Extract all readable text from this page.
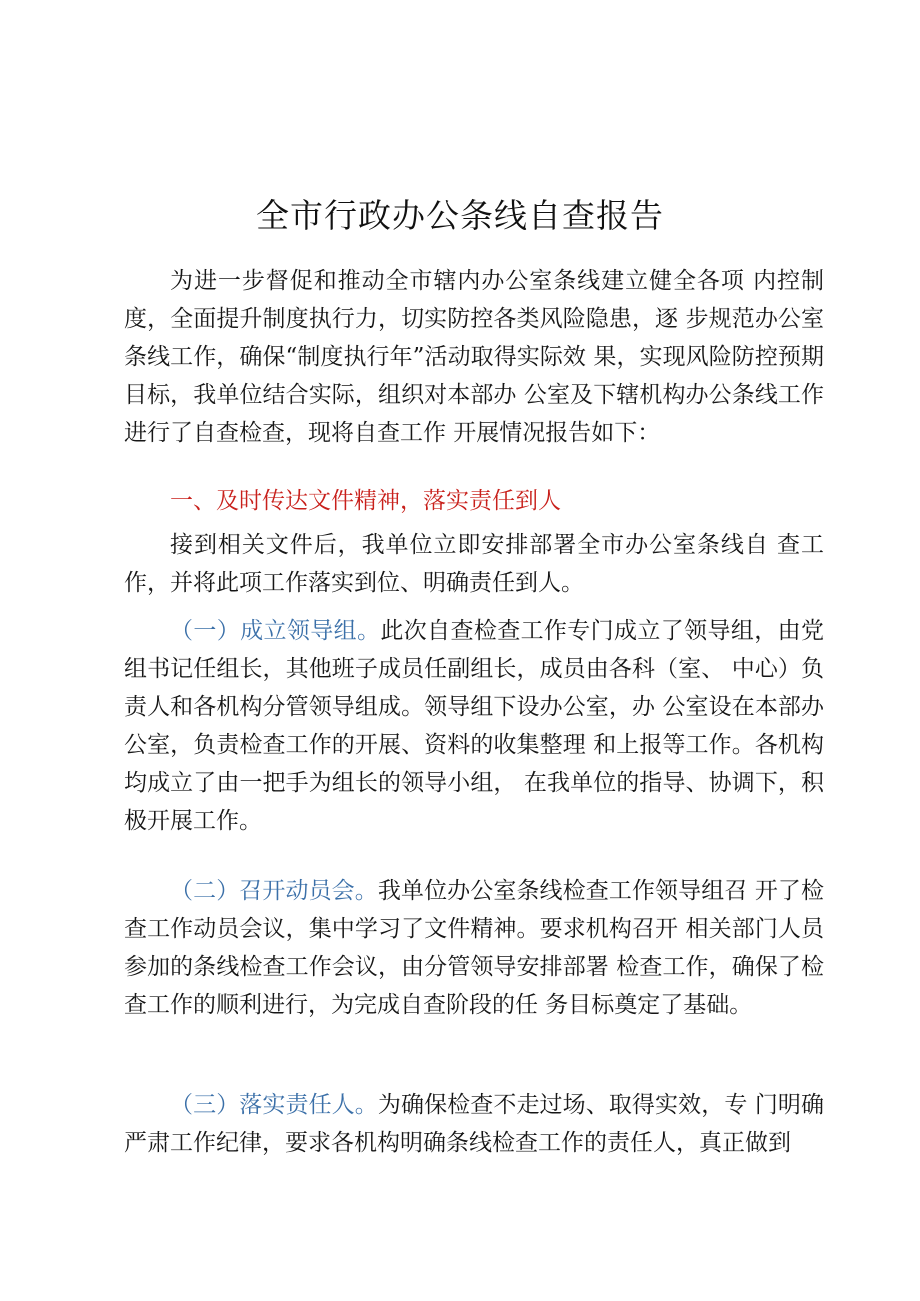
全市行政办公条线自查报告
为进一步督促和推动全市辖内办公室条线建立健全各项 内控制度，全面提升制度执行力，切实防控各类风险隐患，逐 步规范办公室条线工作，确保“制度执行年”活动取得实际效 果，实现风险防控预期目标，我单位结合实际，组织对本部办 公室及下辖机构办公条线工作进行了自查检查，现将自查工作 开展情况报告如下：
一、及时传达文件精神，落实责任到人
接到相关文件后，我单位立即安排部署全市办公室条线自 查工作，并将此项工作落实到位、明确责任到人。
（一）成立领导组。此次自查检查工作专门成立了领导组，由党组书记任组长，其他班子成员任副组长，成员由各科（室、 中心）负责人和各机构分管领导组成。领导组下设办公室，办 公室设在本部办公室，负责检查工作的开展、资料的收集整理 和上报等工作。各机构均成立了由一把手为组长的领导小组， 在我单位的指导、协调下，积极开展工作。
（二）召开动员会。我单位办公室条线检查工作领导组召 开了检查工作动员会议，集中学习了文件精神。要求机构召开 相关部门人员参加的条线检查工作会议，由分管领导安排部署 检查工作，确保了检查工作的顺利进行，为完成自查阶段的任 务目标奠定了基础。
（三）落实责任人。为确保检查不走过场、取得实效，专 门明确严肃工作纪律，要求各机构明确条线检查工作的责任人，真正做到
